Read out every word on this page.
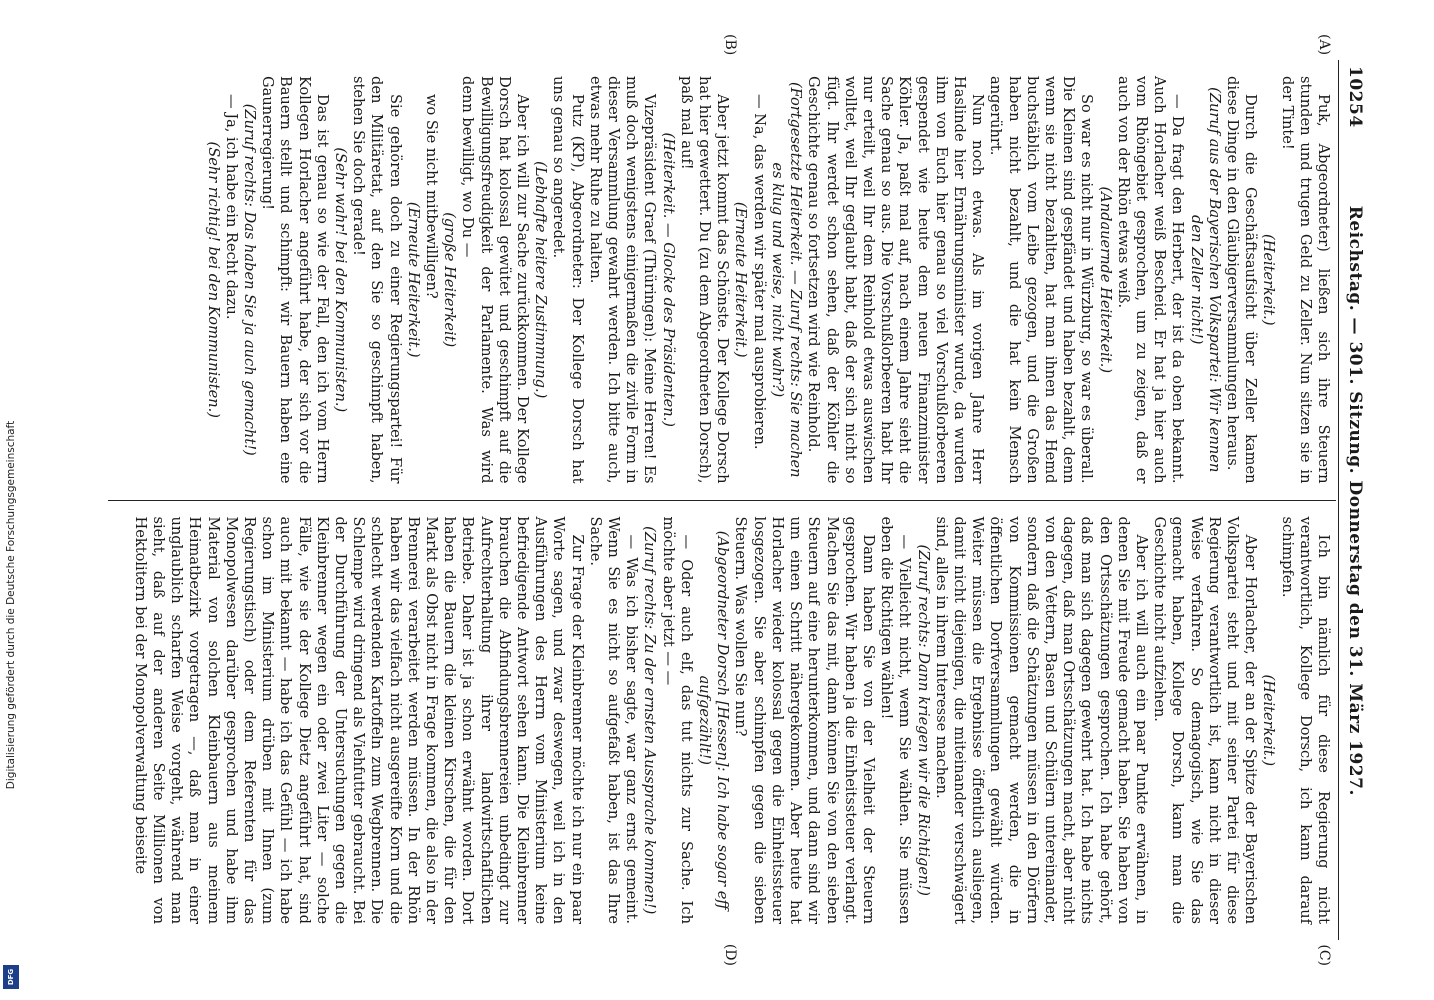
Digitalisierung gefördert durch die Deutsche Forschungsgemeinschaft
DFG
10254
Reichstag. — 301. Sitzung. Donnerstag den 31. März 1927.
(A)
(B)
(C)
(D)

Puk, Abgeordneter) ließen sich ihre Steuern stunden und trugen Geld zu Zeller. Nun sitzen sie in der Tinte!

(Heiterkeit.)

Durch die Geschäftsaufsicht über Zeller kamen diese Dinge in den Gläubigerversammlungen heraus.

(Zuruf aus der Bayerischen Volkspartei: Wir kennen den Zeller nicht!)

— Da fragt den Herbert, der ist da oben bekannt. Auch Horlacher weiß Bescheid. Er hat ja hier auch vom Rhöngebiet gesprochen, um zu zeigen, daß er auch von der Rhön etwas weiß.

(Andauernde Heiterkeit.)

So war es nicht nur in Würzburg, so war es überall. Die Kleinen sind gespfändet und haben bezahlt, denn wenn sie nicht bezahlten, hat man ihnen das Hemd buchstäblich vom Leibe gezogen, und die Großen haben nicht bezahlt, und die hat kein Mensch angerührt.

Nun noch etwas. Als im vorigen Jahre Herr Haslinde hier Ernährungsminister wurde, da wurden ihm von Euch hier genau so viel Vorschußlorbeeren gespendet wie heute dem neuen Finanzminister Köhler. Ja, paßt mal auf, nach einem Jahre sieht die Sache genau so aus. Die Vorschußlorbeeren habt Ihr nur erteilt, weil Ihr dem Reinhold etwas auswischen wolltet, weil Ihr geglaubt habt, daß der sich nicht so fügt. Ihr werdet schon sehen, daß der Köhler die Geschichte genau so fortsetzen wird wie Reinhold.

(Fortgesetzte Heiterkeit. — Zuruf rechts: Sie machen es klug und weise, nicht wahr?)

— Na, das werden wir später mal ausprobieren.

(Erneute Heiterkeit.)

Aber jetzt kommt das Schönste. Der Kollege Dorsch hat hier gewettert. Du (zu dem Abgeordneten Dorsch), paß mal auf!

(Heiterkeit. — Glocke des Präsidenten.)

Vizepräsident Graef (Thüringen): Meine Herren! Es muß doch wenigstens einigermaßen die zivile Form in dieser Versammlung gewahrt werden. Ich bitte auch, etwas mehr Ruhe zu halten.

Putz (KP), Abgeordneter: Der Kollege Dorsch hat uns genau so angeredet.

(Lebhafte heitere Zustimmung.)

Aber ich will zur Sache zurückkommen. Der Kollege Dorsch hat kolossal gewütet und geschimpft auf die Bewilligungsfreudigkeit der Parlamente. Was wird denn bewilligt, wo Du —

(große Heiterkeit)

wo Sie nicht mitbewilligen?

(Erneute Heiterkeit.)

Sie gehören doch zu einer Regierungspartei! Für den Militäretat, auf den Sie so geschimpft haben, stehen Sie doch gerade!

(Sehr wahr! bei den Kommunisten.)

Das ist genau so wie der Fall, den ich vom Herrn Kollegen Horlacher angeführt habe, der sich vor die Bauern stellt und schimpft: wir Bauern haben eine Gaunerregierung!

(Zuruf rechts: Das haben Sie ja auch gemacht!)

— Ja, ich habe ein Recht dazu.

(Sehr richtig! bei den Kommunisten.)

Ich bin nämlich für diese Regierung nicht verantwortlich, Kollege Dorsch, ich kann darauf schimpfen.

(Heiterkeit.)

Aber Horlacher, der an der Spitze der Bayerischen Volkspartei steht und mit seiner Partei für diese Regierung verantwortlich ist, kann nicht in dieser Weise verfahren. So demagogisch, wie Sie das gemacht haben, Kollege Dorsch, kann man die Geschichte nicht aufziehen.

Aber ich will auch ein paar Punkte erwähnen, in denen Sie mit Freude gemacht haben. Sie haben von den Ortsschätzungen gesprochen. Ich habe gehört, daß man sich dagegen gewehrt hat. Ich habe nichts dagegen, daß man Ortsschätzungen macht, aber nicht von den Vettern, Basen und Schülern untereinander, sondern daß die Schätzungen müssen in den Dörfern von Kommissionen gemacht werden, die in öffentlichen Dorfversammlungen gewählt würden. Weiter müssen die Ergebnisse öffentlich ausliegen, damit nicht diejenigen, die miteinander verschwägert sind, alles in ihrem Interesse machen.

(Zuruf rechts: Dann kriegen wir die Richtigen!)

— Vielleicht nicht, wenn Sie wählen. Sie müssen eben die Richtigen wählen!

Dann haben Sie von der Vielheit der Steuern gesprochen. Wir haben ja die Einheitssteuer verlangt. Machen Sie das mit, dann können Sie von den sieben Steuern auf eine herunterkommen, und dann sind wir um einen Schritt nähergekommen. Aber heute hat Horlacher wieder kolossal gegen die Einheitssteuer losgezogen. Sie aber schimpfen gegen die sieben Steuern. Was wollen Sie nun?

(Abgeordneter Dorsch [Hessen]: Ich habe sogar eff aufgezählt!)

— Oder auch elf, das tut nichts zur Sache. Ich möchte aber jetzt — —

(Zuruf rechts: Zu der ernsten Aussprache kommen!)

— Was ich bisher sagte, war ganz ernst gemeint. Wenn Sie es nicht so aufgefaßt haben, ist das Ihre Sache.

Zur Frage der Kleinbrenner möchte ich nur ein paar Worte sagen, und zwar deswegen, weil ich in den Ausführungen des Herrn vom Ministerium keine befriedigende Antwort sehen kann. Die Kleinbrenner brauchen die Abfindungsbrennereien unbedingt zur Aufrechterhaltung ihrer landwirtschaftlichen Betriebe. Daher ist ja schon erwähnt worden. Dort haben die Bauern die kleinen Kirschen, die für den Markt als Obst nicht in Frage kommen, die also in der Brennerei verarbeitet werden müssen. In der Rhön haben wir das vielfach nicht ausgereifte Korn und die schlecht werdenden Kartoffeln zum Wegbrennen. Die Schlempe wird dringend als Viehfutter gebraucht. Bei der Durchführung der Untersuchungen gegen die Kleinbrenner wegen ein oder zwei Liter — solche Fälle, wie sie der Kollege Dietz angeführt hat, sind auch mit bekannt — habe ich das Gefühl — ich habe schon im Ministerium drüben mit Ihnen (zum Regierungstisch) oder dem Referenten für das Monopolwesen darüber gesprochen und habe ihm Material von solchen Kleinbauern aus meinem Heimatbezirk vorgetragen —, daß man in einer unglaublich scharfen Weise vorgeht, während man sieht, daß auf der anderen Seite Millionen von Hektolitern bei der Monopolverwaltung beiseite
